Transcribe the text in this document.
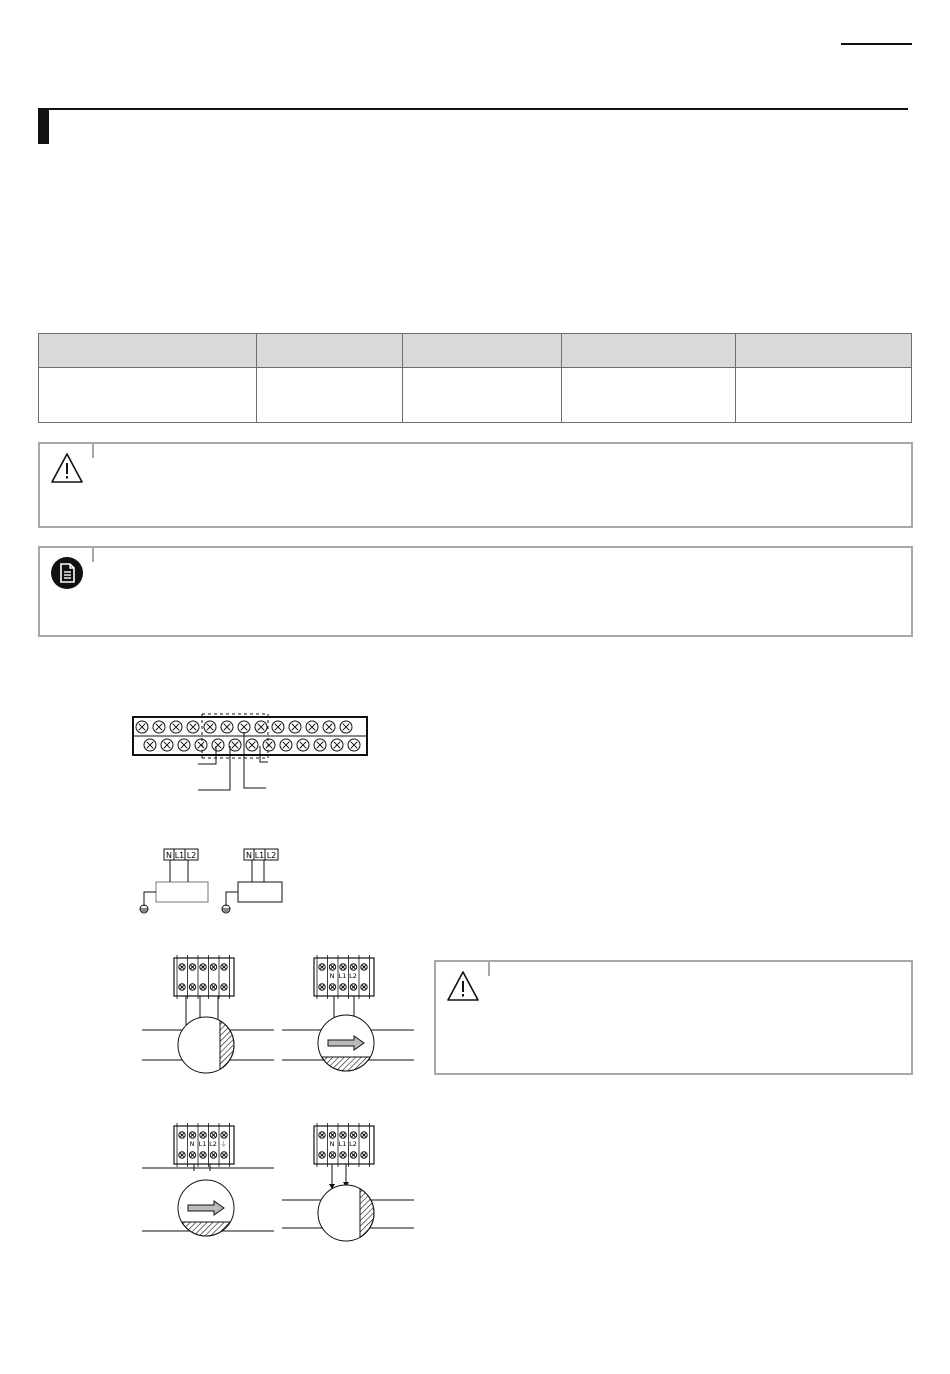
N L1 L2	N L1 L2
N L1 L2
N L1 L2 ⏚	N L1 L2
